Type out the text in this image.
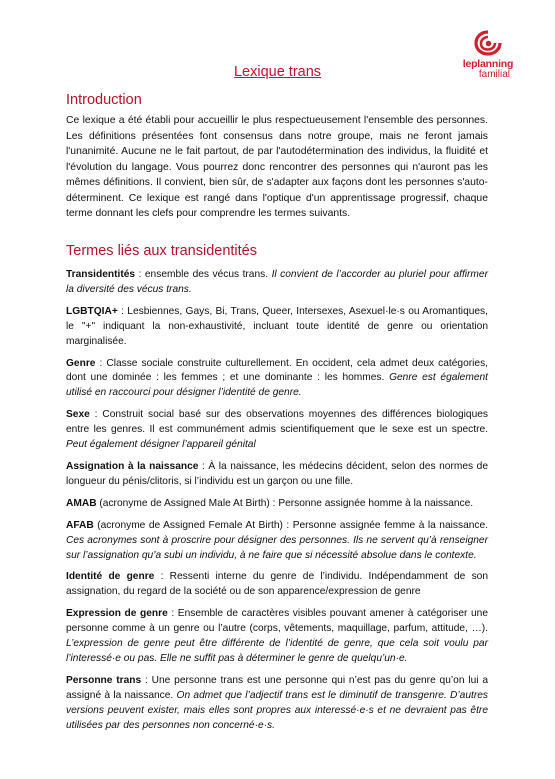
leplanning
familial
Lexique trans
Introduction

Ce lexique a été établi pour accueillir le plus respectueusement l'ensemble des personnes. Les définitions présentées font consensus dans notre groupe, mais ne feront jamais l'unanimité. Aucune ne le fait partout, de par l'autodétermination des individus, la fluidité et l'évolution du langage. Vous pourrez donc rencontrer des personnes qui n'auront pas les mêmes définitions. Il convient, bien sûr, de s'adapter aux façons dont les personnes s'auto-déterminent. Ce lexique est rangé dans l'optique d'un apprentissage progressif, chaque terme donnant les clefs pour comprendre les termes suivants.

Termes liés aux transidentités

Transidentités : ensemble des vécus trans. Il convient de l’accorder au pluriel pour affirmer la diversité des vécus trans.

LGBTQIA+ : Lesbiennes, Gays, Bi, Trans, Queer, Intersexes, Asexuel·le·s ou Aromantiques, le "+" indiquant la non-exhaustivité, incluant toute identité de genre ou orientation marginalisée.

Genre : Classe sociale construite culturellement. En occident, cela admet deux catégories, dont une dominée : les femmes ; et une dominante : les hommes. Genre est également utilisé en raccourci pour désigner l’identité de genre.

Sexe : Construit social basé sur des observations moyennes des différences biologiques entre les genres. Il est communément admis scientifiquement que le sexe est un spectre. Peut également désigner l’appareil génital

Assignation à la naissance : À la naissance, les médecins décident, selon des normes de longueur du pénis/clitoris, si l’individu est un garçon ou une fille.

AMAB (acronyme de Assigned Male At Birth) : Personne assignée homme à la naissance.

AFAB (acronyme de Assigned Female At Birth) : Personne assignée femme à la naissance. Ces acronymes sont à proscrire pour désigner des personnes. Ils ne servent qu’à renseigner sur l’assignation qu’a subi un individu, à ne faire que si nécessité absolue dans le contexte.

Identité de genre : Ressenti interne du genre de l’individu. Indépendamment de son assignation, du regard de la société ou de son apparence/expression de genre

Expression de genre : Ensemble de caractères visibles pouvant amener à catégoriser une personne comme à un genre ou l’autre (corps, vêtements, maquillage, parfum, attitude, …). L’expression de genre peut être différente de l’identité de genre, que cela soit voulu par l’interessé·e ou pas. Elle ne suffit pas à déterminer le genre de quelqu’un·e.

Personne trans : Une personne trans est une personne qui n’est pas du genre qu’on lui a assigné à la naissance. On admet que l’adjectif trans est le diminutif de transgenre. D’autres versions peuvent exister, mais elles sont propres aux interessé·e·s et ne devraient pas être utilisées par des personnes non concerné·e·s.
